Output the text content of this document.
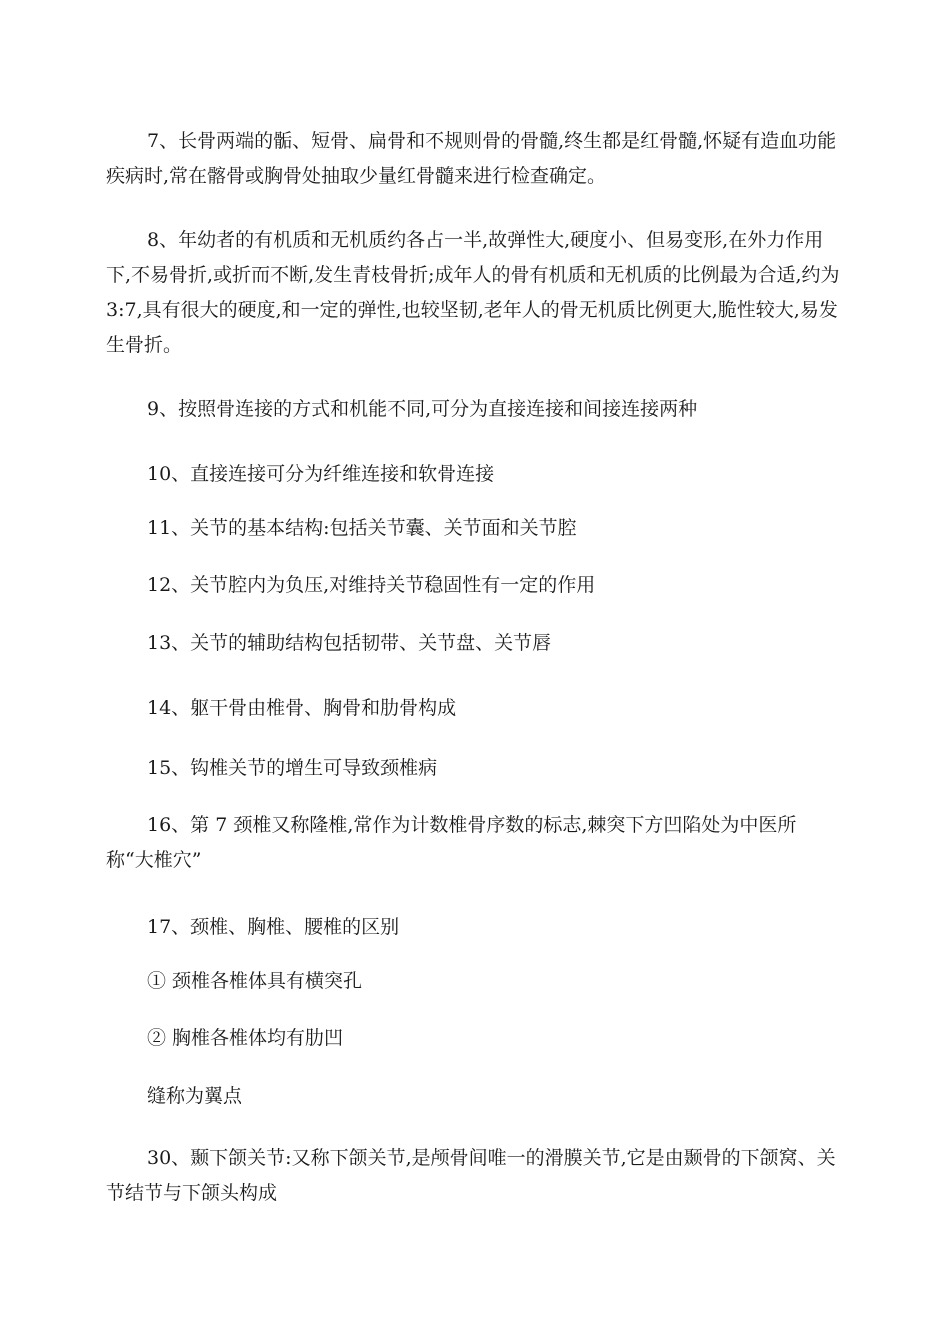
7、长骨两端的骺、短骨、扁骨和不规则骨的骨髓,终生都是红骨髓,怀疑有造血功能疾病时,常在髂骨或胸骨处抽取少量红骨髓来进行检查确定。

8、年幼者的有机质和无机质约各占一半,故弹性大,硬度小、但易变形,在外力作用下,不易骨折,或折而不断,发生青枝骨折;成年人的骨有机质和无机质的比例最为合适,约为 3:7,具有很大的硬度,和一定的弹性,也较坚韧,老年人的骨无机质比例更大,脆性较大,易发生骨折。

9、按照骨连接的方式和机能不同,可分为直接连接和间接连接两种

10、直接连接可分为纤维连接和软骨连接

11、关节的基本结构:包括关节囊、关节面和关节腔

12、关节腔内为负压,对维持关节稳固性有一定的作用

13、关节的辅助结构包括韧带、关节盘、关节唇

14、躯干骨由椎骨、胸骨和肋骨构成

15、钩椎关节的增生可导致颈椎病

16、第 7 颈椎又称隆椎,常作为计数椎骨序数的标志,棘突下方凹陷处为中医所称“大椎穴”

17、颈椎、胸椎、腰椎的区别

① 颈椎各椎体具有横突孔

② 胸椎各椎体均有肋凹

缝称为翼点

30、颞下颌关节:又称下颌关节,是颅骨间唯一的滑膜关节,它是由颞骨的下颌窝、关节结节与下颌头构成
